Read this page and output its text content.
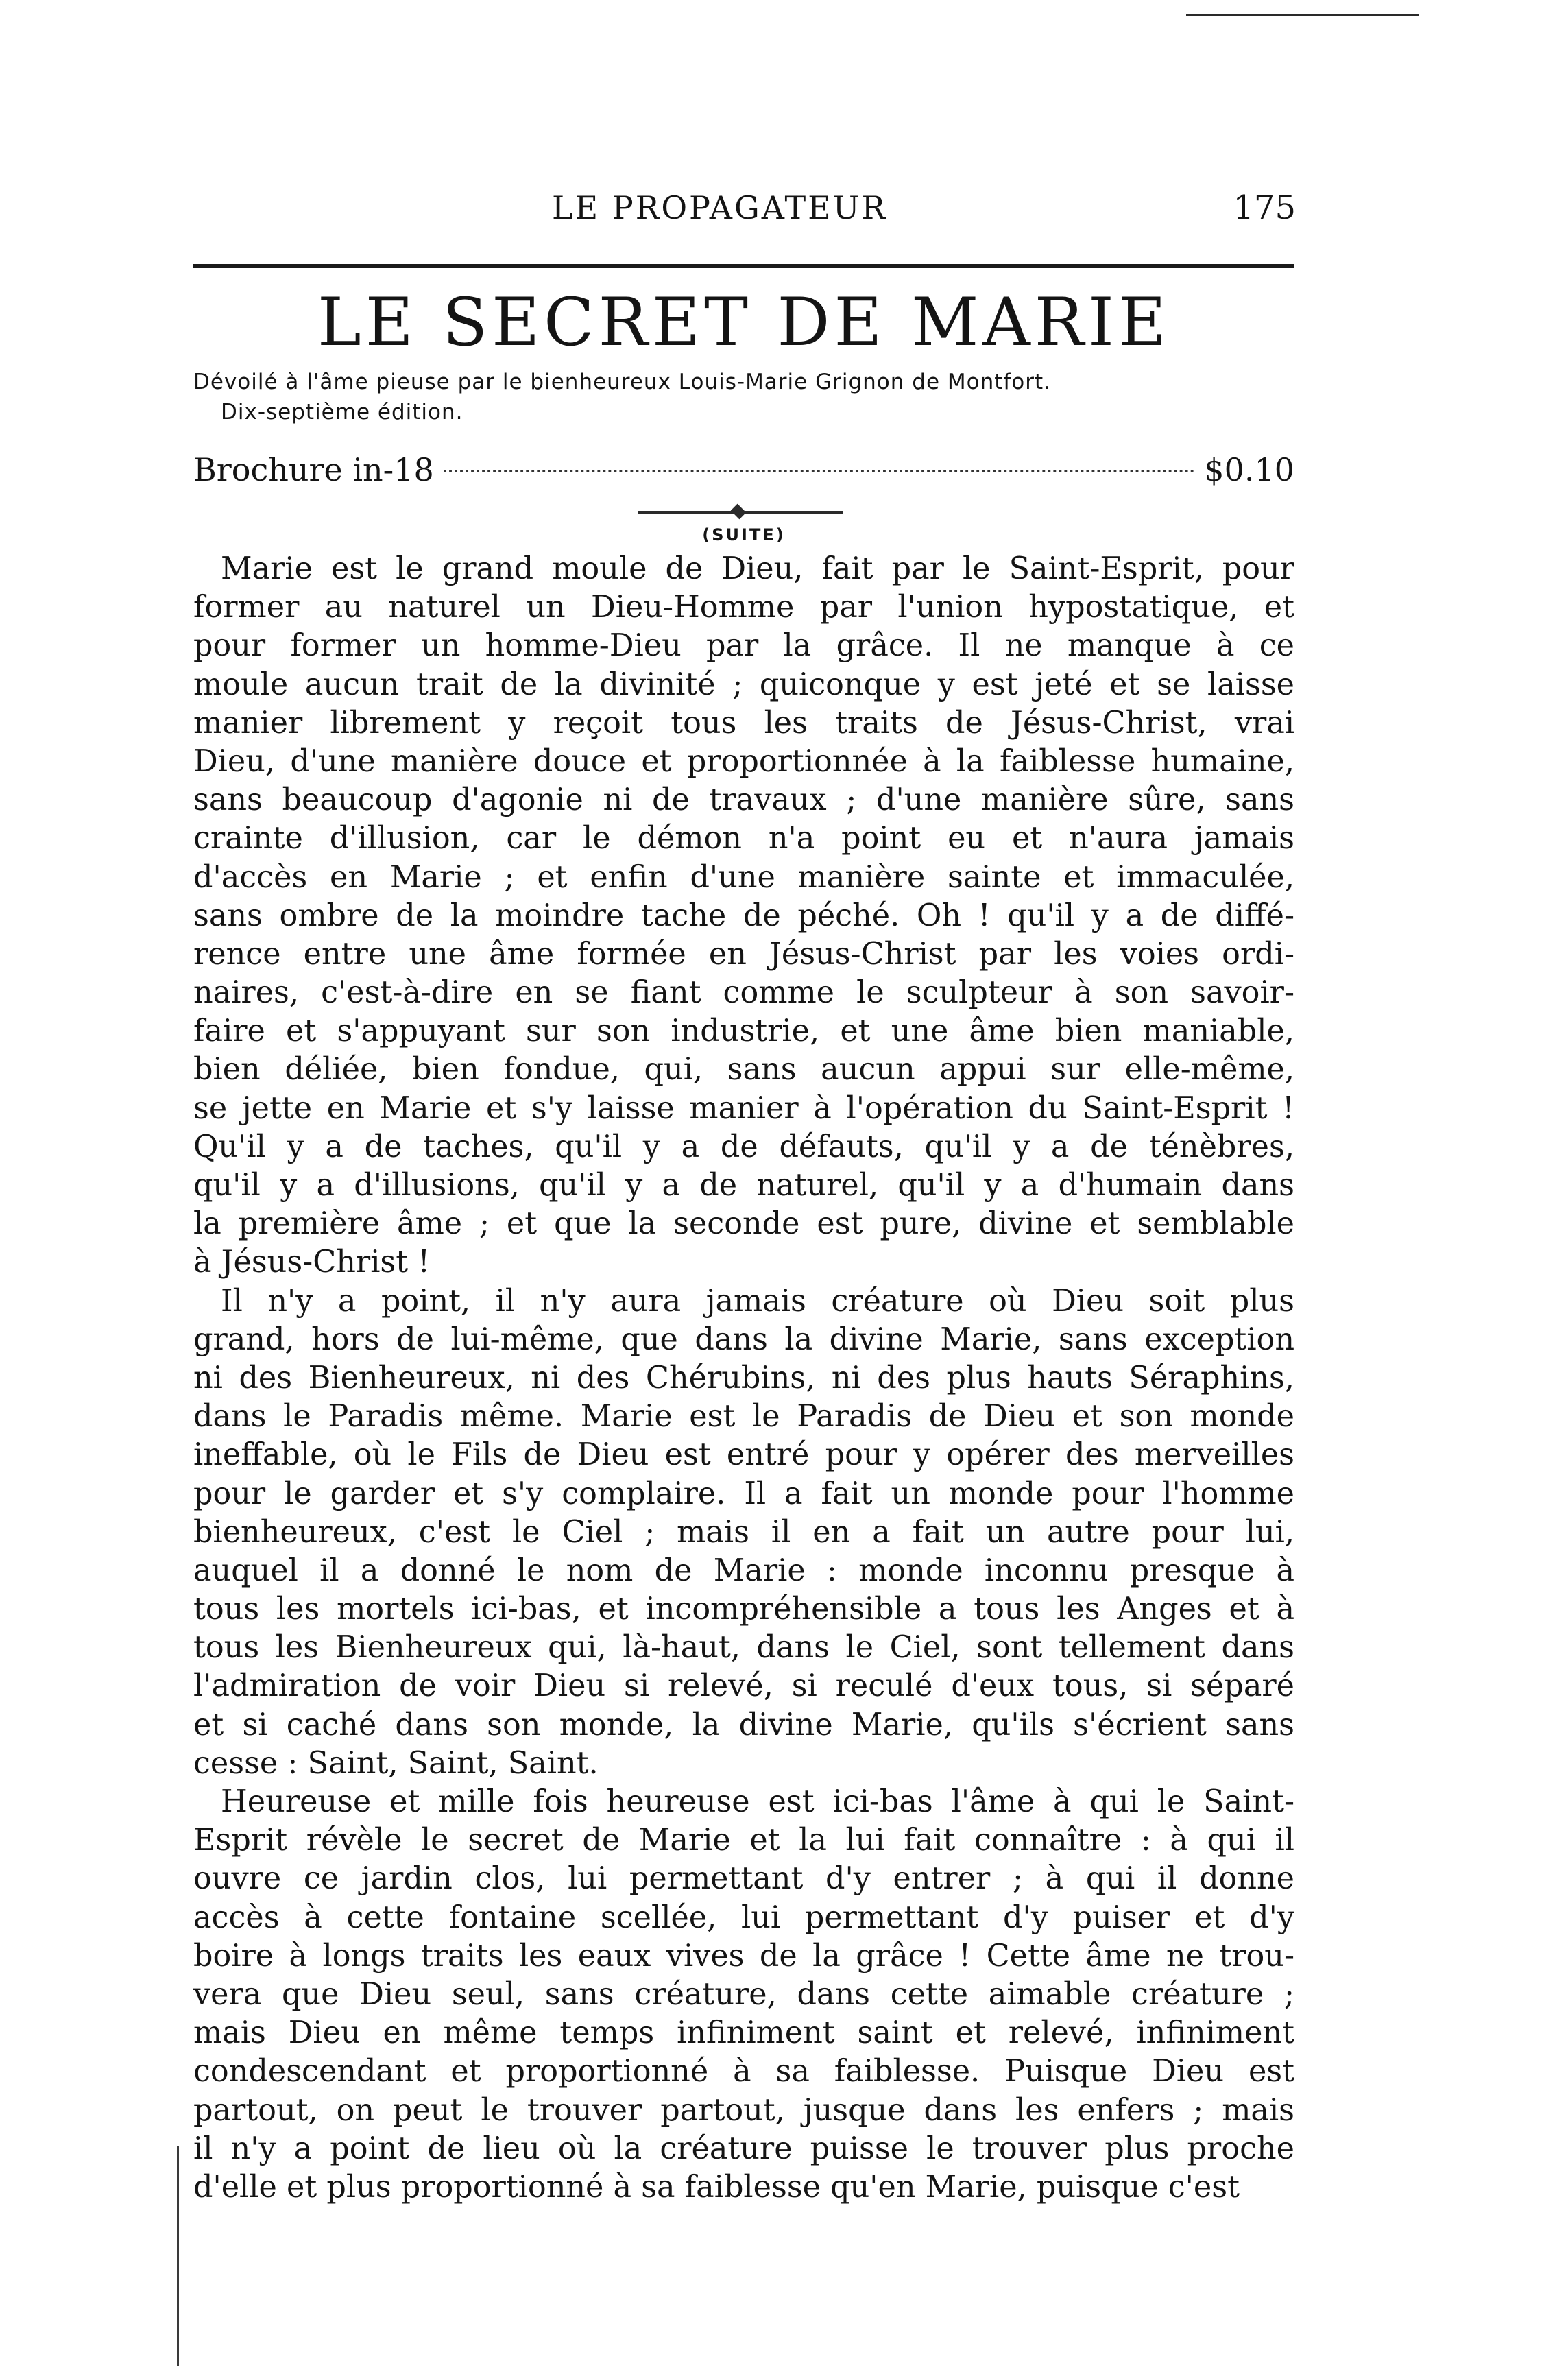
LE PROPAGATEUR	175
LE SECRET DE MARIE
Dévoilé à l'âme pieuse par le bienheureux Louis-Marie Grignon de Montfort.
Dix-septième édition.
Brochure in-18	$0.10
(SUITE)
Marie est le grand moule de Dieu, fait par le Saint-Esprit, pour
former au naturel un Dieu-Homme par l'union hypostatique, et
pour former un homme-Dieu par la grâce. Il ne manque à ce
moule aucun trait de la divinité ; quiconque y est jeté et se laisse
manier librement y reçoit tous les traits de Jésus-Christ, vrai
Dieu, d'une manière douce et proportionnée à la faiblesse humaine,
sans beaucoup d'agonie ni de travaux ; d'une manière sûre, sans
crainte d'illusion, car le démon n'a point eu et n'aura jamais
d'accès en Marie ; et enfin d'une manière sainte et immaculée,
sans ombre de la moindre tache de péché. Oh ! qu'il y a de diffé-
rence entre une âme formée en Jésus-Christ par les voies ordi-
naires, c'est-à-dire en se fiant comme le sculpteur à son savoir-
faire et s'appuyant sur son industrie, et une âme bien maniable,
bien déliée, bien fondue, qui, sans aucun appui sur elle-même,
se jette en Marie et s'y laisse manier à l'opération du Saint-Esprit !
Qu'il y a de taches, qu'il y a de défauts, qu'il y a de ténèbres,
qu'il y a d'illusions, qu'il y a de naturel, qu'il y a d'humain dans
la première âme ; et que la seconde est pure, divine et semblable
à Jésus-Christ !
Il n'y a point, il n'y aura jamais créature où Dieu soit plus
grand, hors de lui-même, que dans la divine Marie, sans exception
ni des Bienheureux, ni des Chérubins, ni des plus hauts Séraphins,
dans le Paradis même. Marie est le Paradis de Dieu et son monde
ineffable, où le Fils de Dieu est entré pour y opérer des merveilles
pour le garder et s'y complaire. Il a fait un monde pour l'homme
bienheureux, c'est le Ciel ; mais il en a fait un autre pour lui,
auquel il a donné le nom de Marie : monde inconnu presque à
tous les mortels ici-bas, et incompréhensible a tous les Anges et à
tous les Bienheureux qui, là-haut, dans le Ciel, sont tellement dans
l'admiration de voir Dieu si relevé, si reculé d'eux tous, si séparé
et si caché dans son monde, la divine Marie, qu'ils s'écrient sans
cesse : Saint, Saint, Saint.
Heureuse et mille fois heureuse est ici-bas l'âme à qui le Saint-
Esprit révèle le secret de Marie et la lui fait connaître : à qui il
ouvre ce jardin clos, lui permettant d'y entrer ; à qui il donne
accès à cette fontaine scellée, lui permettant d'y puiser et d'y
boire à longs traits les eaux vives de la grâce ! Cette âme ne trou-
vera que Dieu seul, sans créature, dans cette aimable créature ;
mais Dieu en même temps infiniment saint et relevé, infiniment
condescendant et proportionné à sa faiblesse. Puisque Dieu est
partout, on peut le trouver partout, jusque dans les enfers ; mais
il n'y a point de lieu où la créature puisse le trouver plus proche
d'elle et plus proportionné à sa faiblesse qu'en Marie, puisque c'est
